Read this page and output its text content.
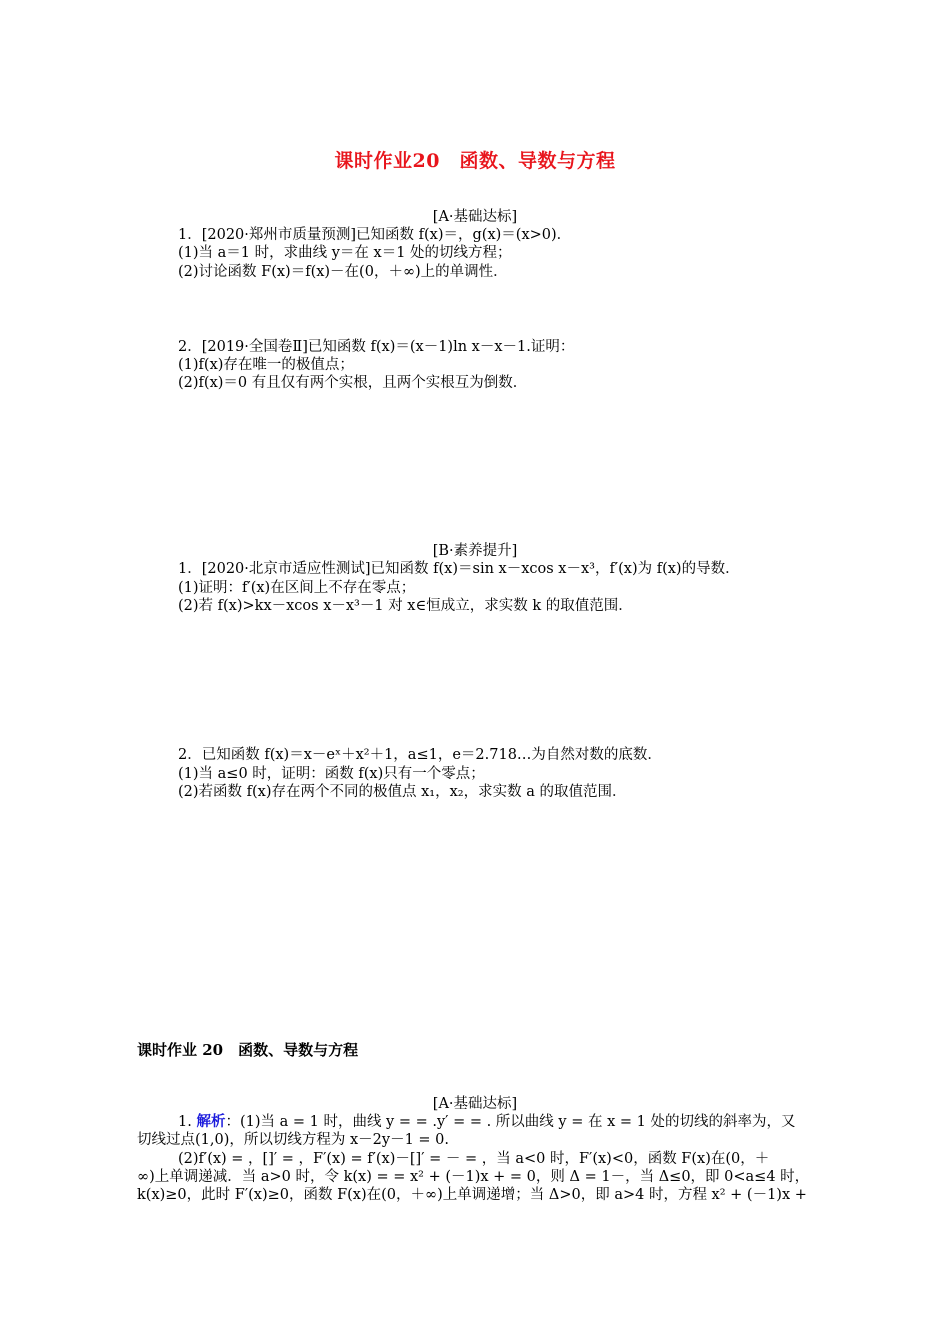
课时作业20　函数、导数与方程
[A·基础达标]
1．[2020·郑州市质量预测]已知函数 f(x)＝，g(x)＝(x>0)．
(1)当 a＝1 时，求曲线 y＝在 x＝1 处的切线方程；
(2)讨论函数 F(x)＝f(x)－在(0，＋∞)上的单调性．
2．[2019·全国卷Ⅱ]已知函数 f(x)＝(x－1)ln x－x－1.证明：
(1)f(x)存在唯一的极值点；
(2)f(x)＝0 有且仅有两个实根，且两个实根互为倒数．
[B·素养提升]
1．[2020·北京市适应性测试]已知函数 f(x)＝sin x－xcos x－x³，f′(x)为 f(x)的导数．
(1)证明：f′(x)在区间上不存在零点；
(2)若 f(x)>kx－xcos x－x³－1 对 x∈恒成立，求实数 k 的取值范围．
2．已知函数 f(x)＝x－eˣ＋x²＋1，a≤1，e＝2.718…为自然对数的底数．
(1)当 a≤0 时，证明：函数 f(x)只有一个零点；
(2)若函数 f(x)存在两个不同的极值点 x₁，x₂，求实数 a 的取值范围．
课时作业 20　函数、导数与方程
[A·基础达标]
1. 解析：(1)当 a = 1 时，曲线 y = = .y′ = = . 所以曲线 y = 在 x = 1 处的切线的斜率为，又
切线过点(1,0)，所以切线方程为 x－2y－1 = 0.
(2)f′(x) = ，[]′ = ，F′(x) = f′(x)－[]′ = － = ，当 a<0 时，F′(x)<0，函数 F(x)在(0，＋
∞)上单调递减．当 a>0 时，令 k(x) = = x² + (－1)x + = 0，则 Δ = 1－，当 Δ≤0，即 0<a≤4 时，
k(x)≥0，此时 F′(x)≥0，函数 F(x)在(0，＋∞)上单调递增；当 Δ>0，即 a>4 时，方程 x² + (－1)x +
